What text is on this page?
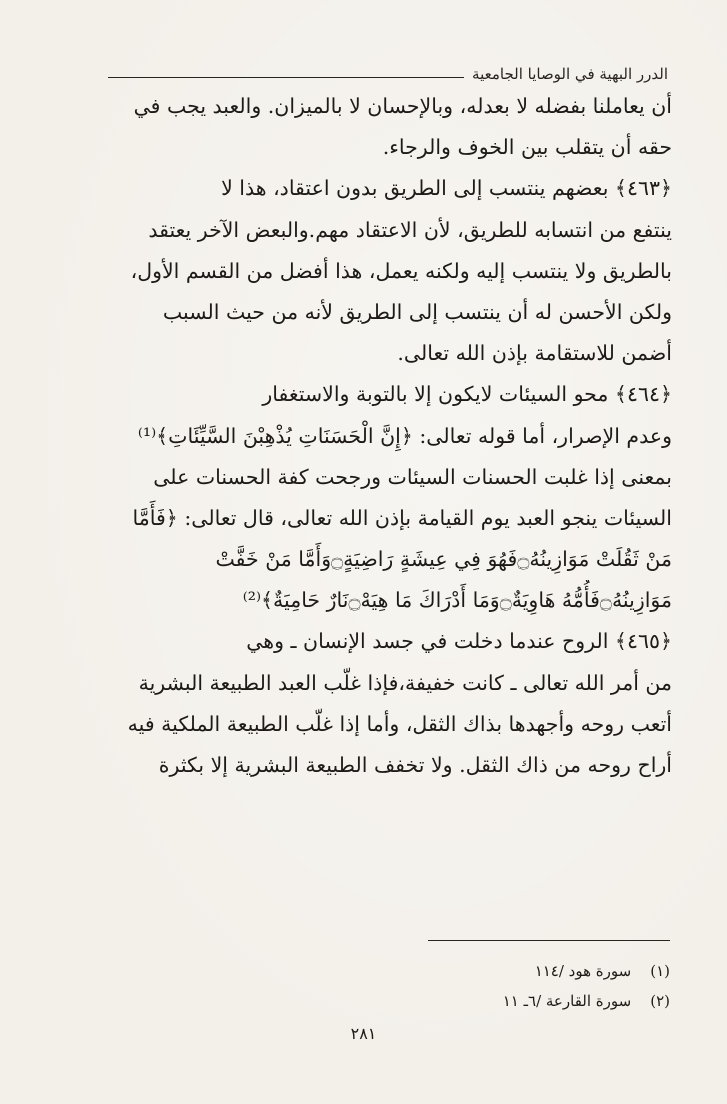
الدرر البهية في الوصايا الجامعية
أن يعاملنا بفضله لا بعدله، وبالإحسان لا بالميزان. والعبد يجب في
حقه أن يتقلب بين الخوف والرجاء.
﴿٤٦٣﴾ بعضهم ينتسب إلى الطريق بدون اعتقاد، هذا لا
ينتفع من انتسابه للطريق، لأن الاعتقاد مهم.والبعض الآخر يعتقد
بالطريق ولا ينتسب إليه ولكنه يعمل، هذا أفضل من القسم الأول،
ولكن الأحسن له أن ينتسب إلى الطريق لأنه من حيث السبب
أضمن للاستقامة بإذن الله تعالى.
﴿٤٦٤﴾ محو السيئات لايكون إلا بالتوبة والاستغفار
وعدم الإصرار، أما قوله تعالى: ﴿إِنَّ الْحَسَنَاتِ يُذْهِبْنَ السَّيِّئَاتِ﴾⁽¹⁾
بمعنى إذا غلبت الحسنات السيئات ورجحت كفة الحسنات على
السيئات ينجو العبد يوم القيامة بإذن الله تعالى، قال تعالى: ﴿فَأَمَّا
مَنْ ثَقُلَتْ مَوَازِينُهُ۝فَهُوَ فِي عِيشَةٍ رَاضِيَةٍ۝وَأَمَّا مَنْ خَفَّتْ
مَوَازِينُهُ۝فَأُمُّهُ هَاوِيَةٌ۝وَمَا أَدْرَاكَ مَا هِيَهْ۝نَارٌ حَامِيَةٌ﴾⁽²⁾
﴿٤٦٥﴾ الروح عندما دخلت في جسد الإنسان ـ وهي
من أمر الله تعالى ـ كانت خفيفة،فإذا غلّب العبد الطبيعة البشرية
أتعب روحه وأجهدها بذاك الثقل، وأما إذا غلّب الطبيعة الملكية فيه
أراح روحه من ذاك الثقل. ولا تخفف الطبيعة البشرية إلا بكثرة
(١) سورة هود /١١٤
(٢) سورة القارعة /٦ـ ١١
٢٨١
